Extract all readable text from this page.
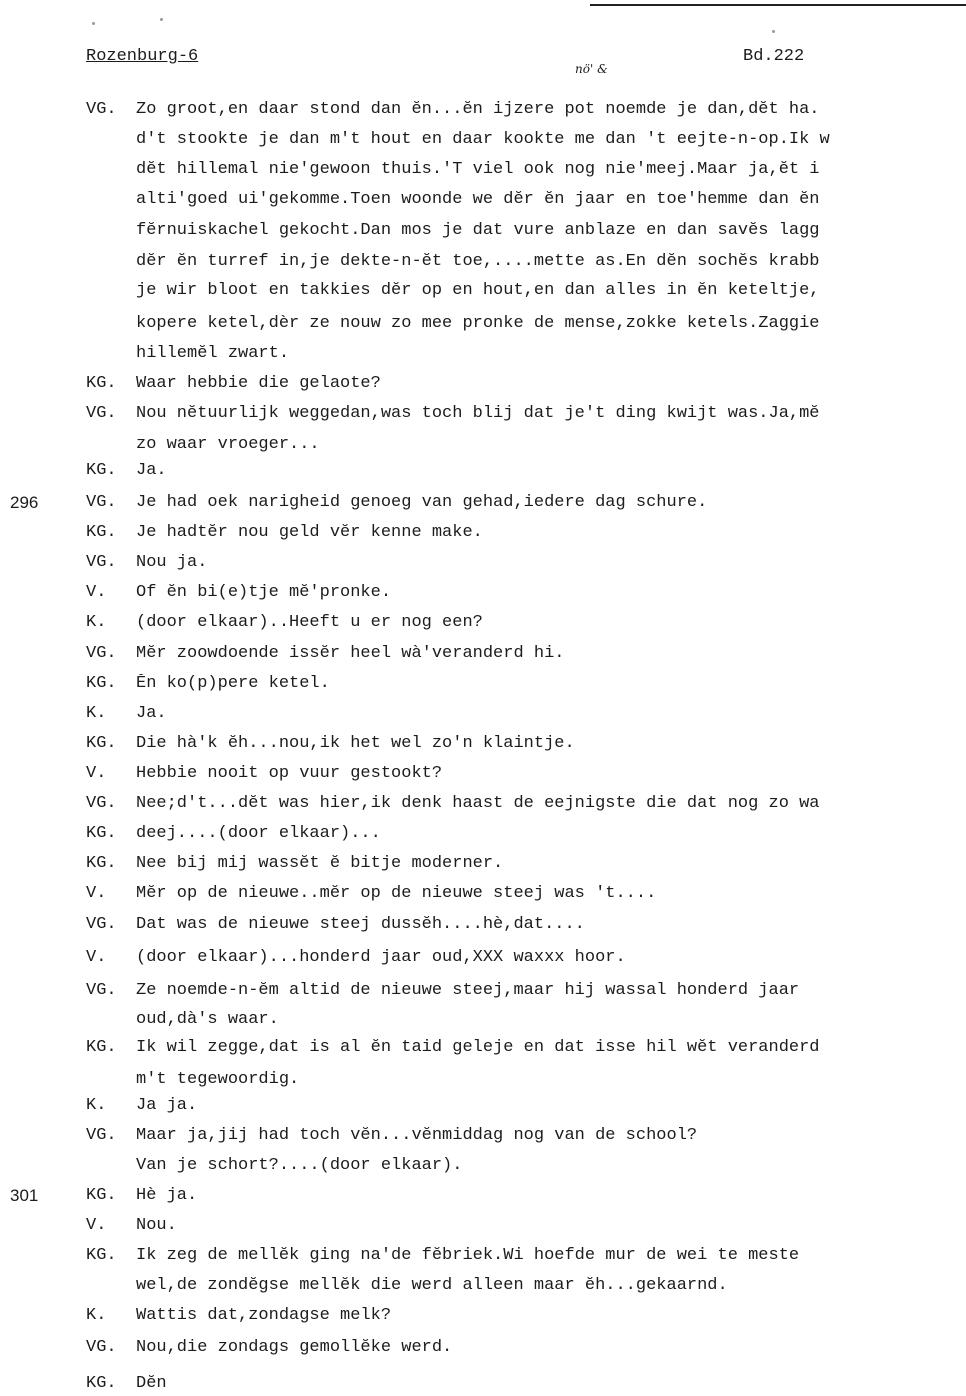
Rozenburg-6	Bd.222
nö' &
VG. Zo groot,en daar stond dan ĕn...ĕn ijzere pot noemde je dan,dĕt ha.
d't stookte je dan m't hout en daar kookte me dan 't eejte-n-op.Ik w
dĕt hillemal nie'gewoon thuis.'T viel ook nog nie'meej.Maar ja,ĕt i
alti'goed ui'gekomme.Toen woonde we dĕr ĕn jaar en toe'hemme dan ĕn
fĕrnuiskachel gekocht.Dan mos je dat vure anblaze en dan savĕs lagg
dĕr ĕn turref in,je dekte-n-ĕt toe,....mette as.En dĕn sochĕs krabb
je wir bloot en takkies dĕr op en hout,en dan alles in ĕn keteltje,
kopere ketel,dèr ze nouw zo mee pronke de mense,zokke ketels.Zaggie
hillemĕl zwart.
KG. Waar hebbie die gelaote?
VG. Nou nĕtuurlijk weggedan,was toch blij dat je't ding kwijt was.Ja,mĕ
zo waar vroeger...
KG. Ja.
296	VG. Je had oek narigheid genoeg van gehad,iedere dag schure.
KG. Je hadtĕr nou geld vĕr kenne make.
VG. Nou ja.
V. Of ĕn bi(e)tje mĕ'pronke.
K. (door elkaar)..Heeft u er nog een?
VG. Mĕr zoowdoende issĕr heel wà'veranderd hi.
KG. Ĕn ko(p)pere ketel.
K. Ja.
KG. Die hà'k ĕh...nou,ik het wel zo'n klaintje.
V. Hebbie nooit op vuur gestookt?
VG. Nee;d't...dĕt was hier,ik denk haast de eejnigste die dat nog zo wa
KG. deej....(door elkaar)...
KG. Nee bij mij wassĕt ĕ bitje moderner.
V. Mĕr op de nieuwe..mĕr op de nieuwe steej was 't....
VG. Dat was de nieuwe steej dussĕh....hè,dat....
V. (door elkaar)...honderd jaar oud,XXX waxxx hoor.
VG. Ze noemde-n-ĕm altid de nieuwe steej,maar hij wassal honderd jaar
oud,dà's waar.
KG. Ik wil zegge,dat is al ĕn taid geleje en dat isse hil wĕt veranderd
m't tegewoordig.
K. Ja ja.
VG. Maar ja,jij had toch vĕn...vĕnmiddag nog van de school?
Van je schort?....(door elkaar).
301	KG. Hè ja.
V. Nou.
KG. Ik zeg de mellĕk ging na'de fĕbriek.Wi hoefde mur de wei te meste
wel,de zondĕgse mellĕk die werd alleen maar ĕh...gekaarnd.
K. Wattis dat,zondagse melk?
VG. Nou,die zondags gemollĕke werd.
KG. Dĕn
